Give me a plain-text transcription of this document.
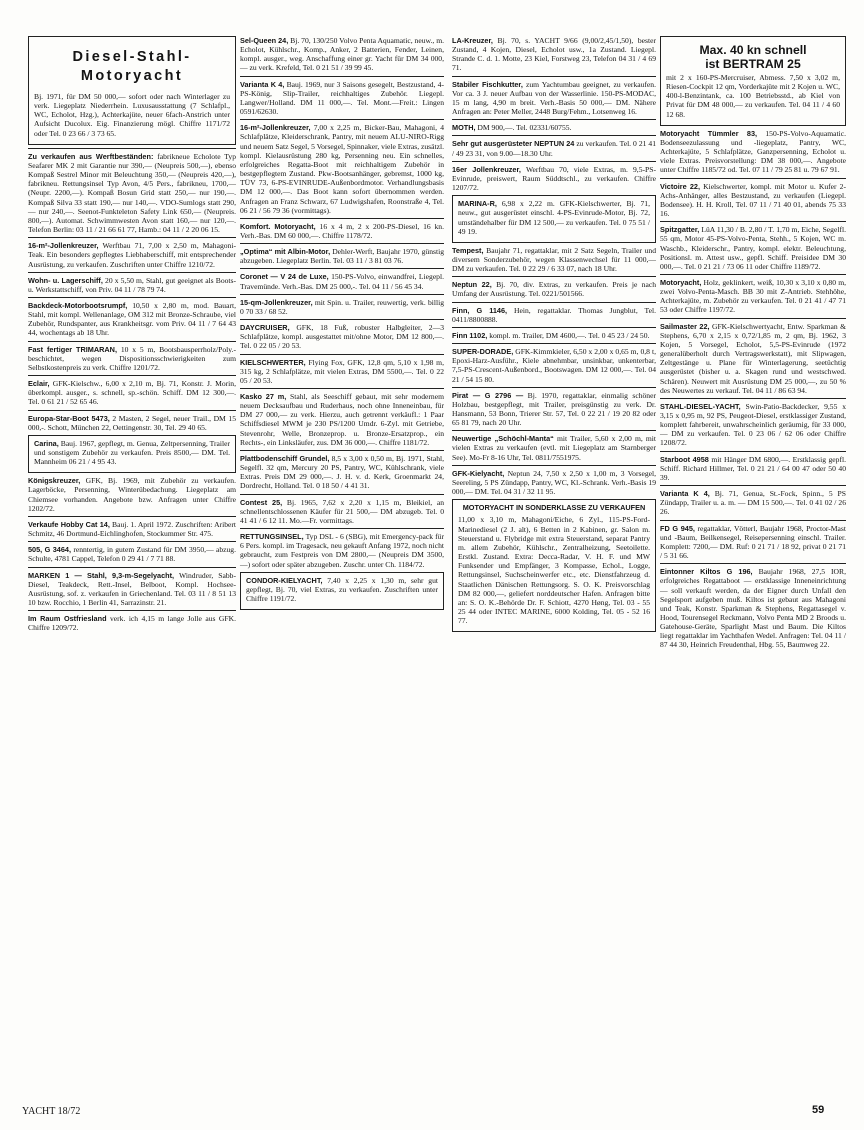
Diesel-Stahl-
Motoryacht
Bj. 1971, für DM 50 000,— sofort oder nach Winterlager zu verk. Liegeplatz Niederrhein. Luxusausstattung (7 Schlafpl., WC, Echolot, Hzg.), Achterkajüte, neuer 6fach-Anstrich unter Aufsicht Ducolux. Eig. Finanzierung mögl. Chiffre 1171/72 oder Tel. 0 23 66 / 3 73 65.
Zu verkaufen aus Werftbeständen: fabrikneue Echolote Typ Seafarer MK 2 mit Garantie nur 390,— (Neupreis 500,—), ebenso Kompaß Sestrel Minor mit Beleuchtung 350,— (Neupreis 420,—), fabrikneu. Rettungsinsel Typ Avon, 4/5 Pers., fabrikneu, 1700,— (Neupr. 2200,—). Kompaß Bosun Grid statt 250,— nur 190,—. Kompaß Silva 33 statt 190,— nur 140,—. VDO-Sumlogs statt 290,— nur 240,—. Seenot-Funkteleton Safety Link 650,— (Neupreis. 800,—). Automat. Schwimmwesten Avon statt 160,— nur 120,—. Telefon Berlin: 03 11 / 21 66 61 77, Hamb.: 04 11 / 2 20 06 15.
16-m²-Jollenkreuzer, Werftbau 71, 7,00 x 2,50 m, Mahagoni-Teak. Ein besonders gepflegtes Liebhaberschiff, mit entsprechender Ausrüstung, zu verkaufen. Zuschriften unter Chiffre 1210/72.
Wohn- u. Lagerschiff, 20 x 5,50 m, Stahl, gut geeignet als Boots- u. Werkstattschiff, von Priv. 04 11 / 78 79 74.
Backdeck-Motorbootsrumpf, 10,50 x 2,80 m, mod. Bauart, Stahl, mit kompl. Wellenanlage, OM 312 mit Bronze-Schraube, viel Zubehör, Rundspanter, aus Krankheitsgr. vom Priv. 04 11 / 7 64 43 44, wochentags ab 18 Uhr.
Fast fertiger TRIMARAN, 10 x 5 m, Bootsbausperrholz/Poly.-beschichtet, wegen Dispositionsschwierigkeiten zum Selbstkostenpreis zu verk. Chiffre 1201/72.
Eclair, GFK-Kielschw., 6,00 x 2,10 m, Bj. 71, Konstr. J. Morin, überkompl. ausger., s. schnell, sp.-schön. Schiff. DM 12 300,—. Tel. 0 61 21 / 52 65 46.
Europa-Star-Boot 5473, 2 Masten, 2 Segel, neuer Trail., DM 15 000,-. Schott, München 22, Oettingenstr. 30, Tel. 29 40 65.
Carina, Bauj. 1967, gepflegt, m. Genua, Zeltpersenning, Trailer und sonstigem Zubehör zu verkaufen. Preis 8500,— DM. Tel. Mannheim 06 21 / 4 95 43.
Königskreuzer, GFK, Bj. 1969, mit Zubehör zu verkaufen. Lagerböcke, Persenning, Winterübedachung. Liegeplatz am Chiemsee vorhanden. Angebote bzw. Anfragen unter Chiffre 1202/72.
Verkaufe Hobby Cat 14, Bauj. 1. April 1972. Zuschriften: Aribert Schmitz, 46 Dortmund-Eichlinghofen, Stockummer Str. 475.
505, G 3464, renntertig, in gutem Zustand für DM 3950,— abzug. Schulte, 4781 Cappel, Telefon 0 29 41 / 7 71 88.
MARKEN 1 — Stahl, 9,3-m-Segelyacht, Windruder, Sabb-Diesel, Teakdeck, Rett.-Insel, Belboot, Kompl. Hochsee-Ausrüstung, sof. z. verkaufen in Griechenland. Tel. 03 11 / 8 51 13 10 bzw. Rocchio, 1 Berlin 41, Sarrazinstr. 21.
Im Raum Ostfriesland verk. ich 4,15 m lange Jolle aus GFK. Chiffre 1209/72.
Sel-Queen 24, Bj. 70, 130/250 Volvo Penta Aquamatic, neuw., m. Echolot, Kühlschr., Komp., Anker, 2 Batterien, Fender, Leinen, kompl. ausger., weg. Anschaffung einer gr. Yacht für DM 34 000,— zu verk. Krefeld, Tel. 0 21 51 / 39 99 45.
Varianta K 4, Bauj. 1969, nur 3 Saisons gesegelt, Bestzustand, 4-PS-König, Slip-Trailer, reichhaltiges Zubehör. Liegepl. Langwer/Holland. DM 11 000,—. Tel. Mont.—Freit.: Lingen 0591/62630.
16-m²-Jollenkreuzer, 7,00 x 2,25 m, Bicker-Bau, Mahagoni, 4 Schlafplätze, Kleiderschrank, Pantry, mit neuem ALU-NIRO-Rigg und neuem Satz Segel, 5 Vorsegel, Spinnaker, viele Extras, zusätzl. kompl. Kielausrüstung 280 kg, Persenning neu. Ein schnelles, erfolgreiches Regatta-Boot mit reichhaltigem Zubehör in bestgepflegtem Zustand. Pkw-Bootsanhänger, gebremst, 1000 kg, TÜV 73, 6-PS-EVINRUDE-Außenbordmotor. Verhandlungsbasis DM 12 000,—. Das Boot kann sofort übernommen werden. Anfragen an Franz Schwarz, 67 Ludwigshafen, Roonstraße 4, Tel. 06 21 / 56 79 36 (vormittags).
Komfort. Motoryacht, 16 x 4 m, 2 x 200-PS-Diesel, 16 kn. Verh.-Bas. DM 60 000,—. Chiffre 1178/72.
„Optima“ mit Albin-Motor, Dehler-Werft, Baujahr 1970, günstig abzugeben. Liegeplatz Berlin. Tel. 03 11 / 3 81 03 76.
Coronet — V 24 de Luxe, 150-PS-Volvo, einwandfrei, Liegepl. Travemünde. Verh.-Bas. DM 25 000,-. Tel. 04 11 / 56 45 34.
15-qm-Jollenkreuzer, mit Spin. u. Trailer, reuwertig, verk. billig 0 70 33 / 68 52.
DAYCRUISER, GFK, 18 Fuß, robuster Halbgleiter, 2—3 Schlafplätze, kompl. ausgestattet mit/ohne Motor, DM 12 800,—. Tel. 0 22 05 / 20 53.
KIELSCHWERTER, Flying Fox, GFK, 12,8 qm, 5,10 x 1,98 m, 315 kg, 2 Schlafplätze, mit vielen Extras, DM 5500,—. Tel. 0 22 05 / 20 53.
Kasko 27 m, Stahl, als Seeschiff gebaut, mit sehr modernem neuem Decksaufbau und Ruderhaus, noch ohne Inneneinbau, für DM 27 000,— zu verk. Hierzu, auch getrennt verkäufl.: 1 Paar Schiffsdiesel MWM je 230 PS/1200 Umdr. 6-Zyl. mit Getriebe, Stevenrohr, Welle, Bronzeprop. u. Bronze-Ersatzprop., ein Rechts-, ein Linksläufer, zus. DM 36 000,—. Chiffre 1181/72.
Plattbodenschiff Grundel, 8,5 x 3,00 x 0,50 m, Bj. 1971, Stahl, Segelfl. 32 qm, Mercury 20 PS, Pantry, WC, Kühlschrank, viele Extras. Preis DM 29 000,—. J. H. v. d. Kerk, Groenmarkt 24, Dordrecht, Holland. Tel. 0 18 50 / 4 41 31.
Contest 25, Bj. 1965, 7,62 x 2,20 x 1,15 m, Bleikiel, an schnellentschlossenen Käufer für 21 500,— DM abzugeb. Tel. 0 41 41 / 6 12 11. Mo.—Fr. vormittags.
RETTUNGSINSEL, Typ DSL - 6 (SBG), mit Emergency-pack für 6 Pers. kompl. im Tragesack, neu gekauft Anfang 1972, noch nicht gebraucht, zum Festpreis von DM 2800,— (Neupreis DM 3500,—) sofort oder später abzugeben. Zuschr. unter Ch. 1184/72.
CONDOR-KIELYACHT, 7,40 x 2,25 x 1,30 m, sehr gut gepflegt, Bj. 70, viel Extras, zu verkaufen. Zuschriften unter Chiffre 1191/72.
LA-Kreuzer, Bj. 70, s. YACHT 9/66 (9,00/2,45/1,50), bester Zustand, 4 Kojen, Diesel, Echolot usw., 1a Zustand. Liegepl. Strande C. d. 1. Motte, 23 Kiel, Forstweg 23, Telefon 04 31 / 4 69 71.
Stabiler Fischkutter, zum Yachtumbau geeignet, zu verkaufen. Vor ca. 3 J. neuer Aufbau von der Wasserlinie. 150-PS-MODAC, 15 m lang, 4,90 m breit. Verh.-Basis 50 000,— DM. Nähere Anfragen an: Peter Meller, 2448 Burg/Fehm., Lotsenweg 16.
MOTH, DM 900,—. Tel. 02331/60755.
Sehr gut ausgerüsteter NEPTUN 24 zu verkaufen. Tel. 0 21 41 / 49 23 31, von 9.00—18.30 Uhr.
16er Jollenkreuzer, Werftbau 70, viele Extras, m. 9,5-PS-Evinrude, preiswert, Raum Süddtschl., zu verkaufen. Chiffre 1207/72.
MARINA-R, 6,98 x 2,22 m. GFK-Kielschwerter, Bj. 71, neuw., gut ausgerüstet einschl. 4-PS-Evinrude-Motor, Bj. 72, umständehalber für DM 12 500,— zu verkaufen. Tel. 0 75 51 / 49 19.
Tempest, Baujahr 71, regattaklar, mit 2 Satz Segeln, Trailer und diversem Sonderzubehör, wegen Klassenwechsel für 11 000,— DM zu verkaufen. Tel. 0 22 29 / 6 33 07, nach 18 Uhr.
Neptun 22, Bj. 70, div. Extras, zu verkaufen. Preis je nach Umfang der Ausrüstung. Tel. 0221/501566.
Finn, G 1146, Hein, regattaklar. Thomas Jungblut, Tel. 0411/8800888.
Finn 1102, kompl. m. Trailer, DM 4600,—. Tel. 0 45 23 / 24 50.
SUPER-DORADE, GFK-Kimmkieler, 6,50 x 2,00 x 0,65 m, 0,8 t, Epoxi-Harz-Ausführ., Kiele abnehmbar, unsinkbar, unkenterbar, 7,5-PS-Crescent-Außenbord., Bootswagen. DM 12 000,—. Tel. 04 21 / 54 15 80.
Pirat — G 2796 — Bj. 1970, regattaklar, einmalig schöner Holzbau, bestgepflegt, mit Trailer, preisgünstig zu verk. Dr. Hansmann, 53 Bonn, Trierer Str. 57, Tel. 0 22 21 / 19 20 82 oder 65 81 79, nach 20 Uhr.
Neuwertige „Schöchl-Manta“ mit Trailer, 5,60 x 2,00 m, mit vielen Extras zu verkaufen (evtl. mit Liegeplatz am Starnberger See). Mo-Fr 8-16 Uhr, Tel. 0811/7551975.
GFK-Kielyacht, Neptun 24, 7,50 x 2,50 x 1,00 m, 3 Vorsegel, Seereling, 5 PS Zündapp, Pantry, WC, Kl.-Schrank. Verh.-Basis 19 000,— DM. Tel. 04 31 / 32 11 95.
MOTORYACHT IN SONDERKLASSE ZU VERKAUFEN
11,00 x 3,10 m, Mahagoni/Eiche, 6 Zyl., 115-PS-Ford-Marinediesel (2 J. alt), 6 Betten in 2 Kabinen, gr. Salon m. Steuerstand u. Flybridge mit extra Steuerstand, separat Pantry m. allem Zubehör, Kühlschr., Zentralheizung, Seetoilette. Erstkl. Zustand. Extra: Decca-Radar, V. H. F. und MW Funksender und Empfänger, 3 Kompasse, Echol., Logge, Rettungsinsel, Suchscheinwerfer etc., etc. Dienstfahrzeug d. Staatlichen Dänischen Rettungsorg. S. O. K. Preisvorschlag DM 82 000,—, geliefert norddeutscher Hafen. Anfragen bitte an: S. O. K.-Behörde Dr. F. Schiott, 4270 Høng, Tel. 03 - 55 25 44 oder INTEC MARINE, 6000 Kolding, Tel. 05 - 52 16 77.
Max. 40 kn schnell
ist BERTRAM 25
mit 2 x 160-PS-Mercruiser, Abmess. 7,50 x 3,02 m, Riesen-Cockpit 12 qm, Vorderkajüte mit 2 Kojen u. WC, 400-l-Benzintank, ca. 100 Betriebsstd., ab Kiel von Privat für DM 48 000,— zu verkaufen. Tel. 04 11 / 4 60 12 68.
Motoryacht Tümmler 83, 150-PS-Volvo-Aquamatic. Bodenseezulassung und -liegeplatz, Pantry, WC, Achterkajüte, 5 Schlafplätze, Ganzpersenning, Echolot u. viele Extras. Preisvorstellung: DM 38 000,—. Angebote unter Chiffre 1185/72 od. Tel. 07 11 / 79 25 81 u. 79 67 91.
Victoire 22, Kielschwerter, kompl. mit Motor u. Kufer 2-Achs-Anhänger, alles Bestzustand, zu verkaufen (Liegepl. Bodensee). H. H. Kroll, Tel. 07 11 / 71 40 01, abends 75 33 16.
Spitzgatter, LüA 11,30 / B. 2,80 / T. 1,70 m, Eiche, Segelfl. 55 qm, Motor 45-PS-Volvo-Penta, Stehh., 5 Kojen, WC m. Waschb., Kleiderschr., Pantry, kompl. elektr. Beleuchtung, Positionsl. m. Attest usw., gepfl. Schiff. Preisidee DM 30 000,—. Tel. 0 21 21 / 73 06 11 oder Chiffre 1189/72.
Motoryacht, Holz, geklinkert, weiß, 10,30 x 3,10 x 0,80 m, zwei Volvo-Penta-Masch. BB 30 mit Z-Antrieb. Stehhöhe, Achterkajüte, m. Zubehör zu verkaufen. Tel. 0 21 41 / 47 71 53 oder Chiffre 1197/72.
Sailmaster 22, GFK-Kielschwertyacht, Entw. Sparkman & Stephens, 6,70 x 2,15 x 0,72/1,85 m, 2 qm, Bj. 1962, 3 Kojen, 5 Vorsegel, Echolot, 5,5-PS-Evinrude (1972 generalüberholt durch Vertragswerkstatt), mit Slipwagen, Zeltgestänge u. Plane für Winterlagerung, seetüchtig ausgerüstet (bisher u. a. Skagen rund und westschwed. Schären). Neuwert mit Ausrüstung DM 25 000,—, zu 50 % des Neuwertes zu verkauf. Tel. 04 11 / 86 63 94.
STAHL-DIESEL-YACHT, Swin-Patio-Backdecker, 9,55 x 3,15 x 0,95 m, 92 PS, Peugeot-Diesel, erstklassiger Zustand, komplett fahrbereit, unwahrscheinlich geräumig, für 33 000,— DM zu verkaufen. Tel. 0 23 06 / 62 06 oder Chiffre 1208/72.
Starboot 4958 mit Hänger DM 6800,—. Erstklassig gepfl. Schiff. Richard Hillmer, Tel. 0 21 21 / 64 00 47 oder 50 40 39.
Varianta K 4, Bj. 71, Genua, St.-Fock, Spinn., 5 PS Zündapp, Trailer u. a. m. — DM 15 500,—. Tel. 0 41 02 / 26 26.
FD G 945, regattaklar, Vötterl, Baujahr 1968, Proctor-Mast und -Baum, Beilkensegel, Reisepersenning einschl. Trailer. Komplett: 7200,— DM. Ruf: 0 21 71 / 18 92, privat 0 21 71 / 5 31 66.
Eintonner Kiltos G 196, Baujahr 1968, 27,5 IOR, erfolgreiches Regattaboot — erstklassige Inneneinrichtung — soll verkauft werden, da der Eigner durch Unfall den Segelsport aufgeben muß. Kiltos ist gebaut aus Mahagoni und Teak, Konstr. Sparkman & Stephens, Regattasegel v. Hood, Tourensegel Reckmann, Volvo Penta MD 2 Broods u. Gatehouse-Geräte, Sparlight Mast und Baum. Die Kiltos liegt regattaklar im Yachthafen Wedel. Anfragen: Tel. 04 11 / 87 44 30, Heinrich Freudenthal, Hbg. 55, Baumweg 22.
YACHT 18/72	59
